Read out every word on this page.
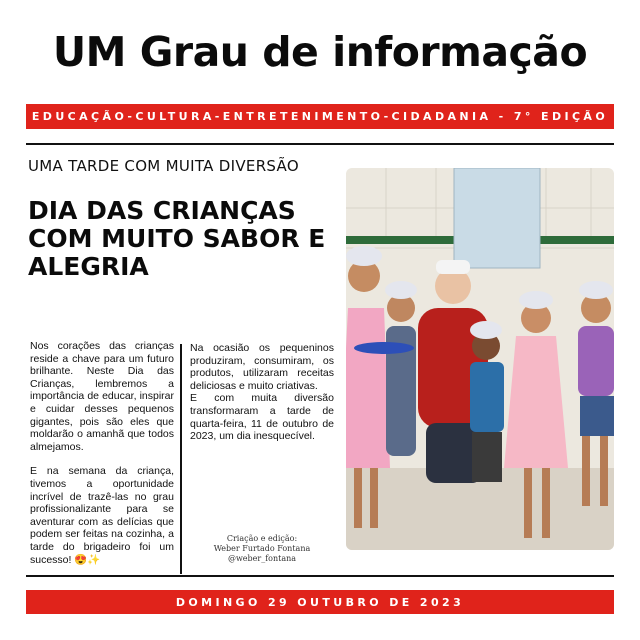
UM Grau de informação
EDUCAÇÃO-CULTURA-ENTRETENIMENTO-CIDADANIA - 7° EDIÇÃO
UMA TARDE COM MUITA DIVERSÃO
DIA DAS CRIANÇAS COM MUITO SABOR E ALEGRIA

Nos corações das crianças reside a chave para um futuro brilhante. Neste Dia das Crianças, lembremos a importância de educar, inspirar e cuidar desses pequenos gigantes, pois são eles que moldarão o amanhã que todos almejamos.

E na semana da criança, tivemos a oportunidade incrível de trazê-las no grau profissionalizante para se aventurar com as delícias que podem ser feitas na cozinha, a tarde do brigadeiro foi um sucesso! 😍✨

Na ocasião os pequeninos produziram, consumiram, os produtos, utilizaram receitas deliciosas e muito criativas.

E com muita diversão transformaram a tarde de quarta-feira, 11 de outubro de 2023, um dia inesquecível.

Criação e edição:
Weber Furtado Fontana
@weber_fontana
DOMINGO 29 OUTUBRO DE 2023
